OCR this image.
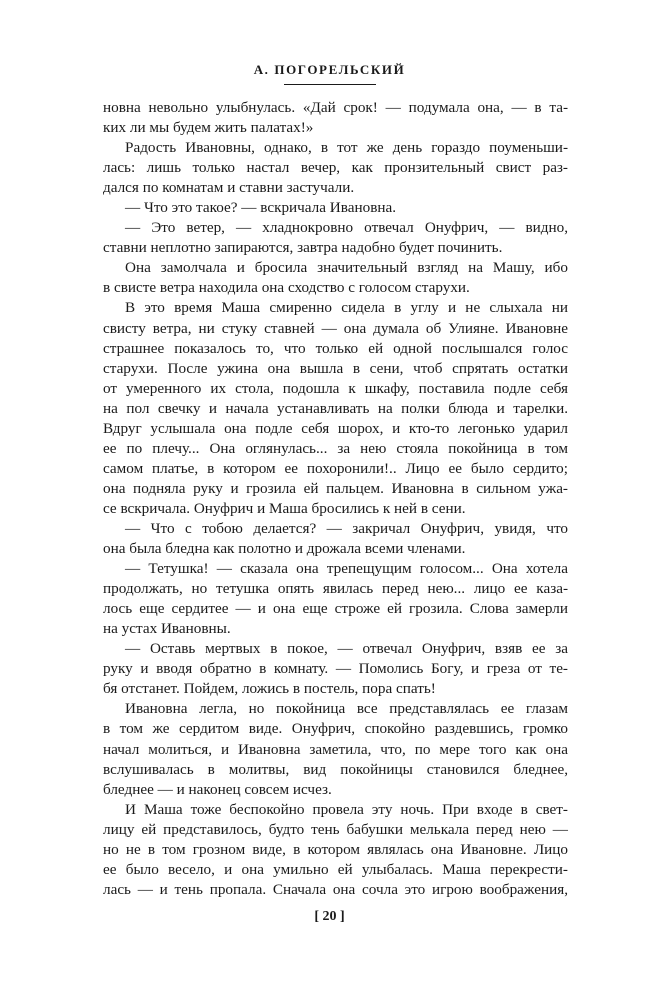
А. ПОГОРЕЛЬСКИЙ
новна невольно улыбнулась. «Дай срок! — подумала она, — в та-
ких ли мы будем жить палатах!»
Радость Ивановны, однако, в тот же день гораздо поуменьши-
лась: лишь только настал вечер, как пронзительный свист раз-
дался по комнатам и ставни застучали.
— Что это такое? — вскричала Ивановна.
— Это ветер, — хладнокровно отвечал Онуфрич, — видно,
ставни неплотно запираются, завтра надобно будет починить.
Она замолчала и бросила значительный взгляд на Машу, ибо
в свисте ветра находила она сходство с голосом старухи.
В это время Маша смиренно сидела в углу и не слыхала ни
свисту ветра, ни стуку ставней — она думала об Улияне. Ивановне
страшнее показалось то, что только ей одной послышался голос
старухи. После ужина она вышла в сени, чтоб спрятать остатки
от умеренного их стола, подошла к шкафу, поставила подле себя
на пол свечку и начала устанавливать на полки блюда и тарелки.
Вдруг услышала она подле себя шорох, и кто-то легонько ударил
ее по плечу... Она оглянулась... за нею стояла покойница в том
самом платье, в котором ее похоронили!.. Лицо ее было сердито;
она подняла руку и грозила ей пальцем. Ивановна в сильном ужа-
се вскричала. Онуфрич и Маша бросились к ней в сени.
— Что с тобою делается? — закричал Онуфрич, увидя, что
она была бледна как полотно и дрожала всеми членами.
— Тетушка! — сказала она трепещущим голосом... Она хотела
продолжать, но тетушка опять явилась перед нею... лицо ее каза-
лось еще сердитее — и она еще строже ей грозила. Слова замерли
на устах Ивановны.
— Оставь мертвых в покое, — отвечал Онуфрич, взяв ее за
руку и вводя обратно в комнату. — Помолись Богу, и греза от те-
бя отстанет. Пойдем, ложись в постель, пора спать!
Ивановна легла, но покойница все представлялась ее глазам
в том же сердитом виде. Онуфрич, спокойно раздевшись, громко
начал молиться, и Ивановна заметила, что, по мере того как она
вслушивалась в молитвы, вид покойницы становился бледнее,
бледнее — и наконец совсем исчез.
И Маша тоже беспокойно провела эту ночь. При входе в свет-
лицу ей представилось, будто тень бабушки мелькала перед нею —
но не в том грозном виде, в котором являлась она Ивановне. Лицо
ее было весело, и она умильно ей улыбалась. Маша перекрести-
лась — и тень пропала. Сначала она сочла это игрою воображения,
[ 20 ]
